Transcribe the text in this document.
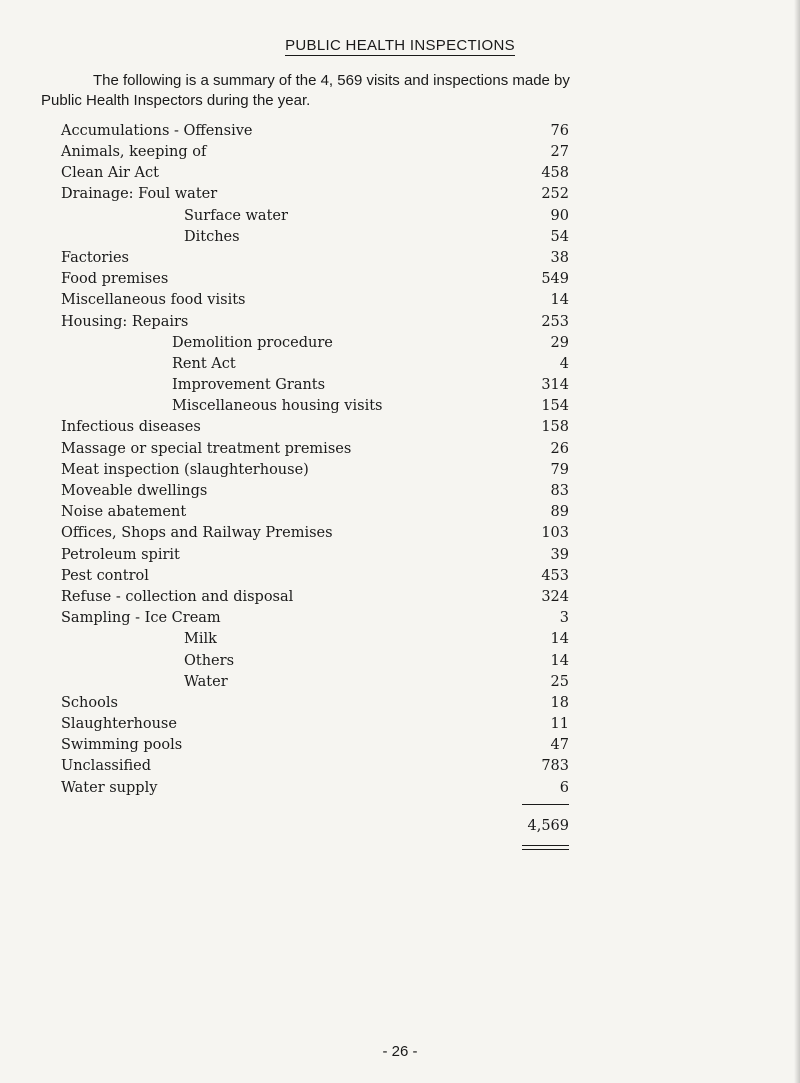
PUBLIC HEALTH INSPECTIONS
The following is a summary of the 4, 569 visits and inspections made by
Public Health Inspectors during the year.
Accumulations - Offensive	76
Animals, keeping of	27
Clean Air Act	458
Drainage: Foul water	252
Surface water	90
Ditches	54
Factories	38
Food premises	549
Miscellaneous food visits	14
Housing: Repairs	253
Demolition procedure	29
Rent Act	4
Improvement Grants	314
Miscellaneous housing visits	154
Infectious diseases	158
Massage or special treatment premises	26
Meat inspection (slaughterhouse)	79
Moveable dwellings	83
Noise abatement	89
Offices, Shops and Railway Premises	103
Petroleum spirit	39
Pest control	453
Refuse - collection and disposal	324
Sampling - Ice Cream	3
Milk	14
Others	14
Water	25
Schools	18
Slaughterhouse	11
Swimming pools	47
Unclassified	783
Water supply	6
4,569
- 26 -
